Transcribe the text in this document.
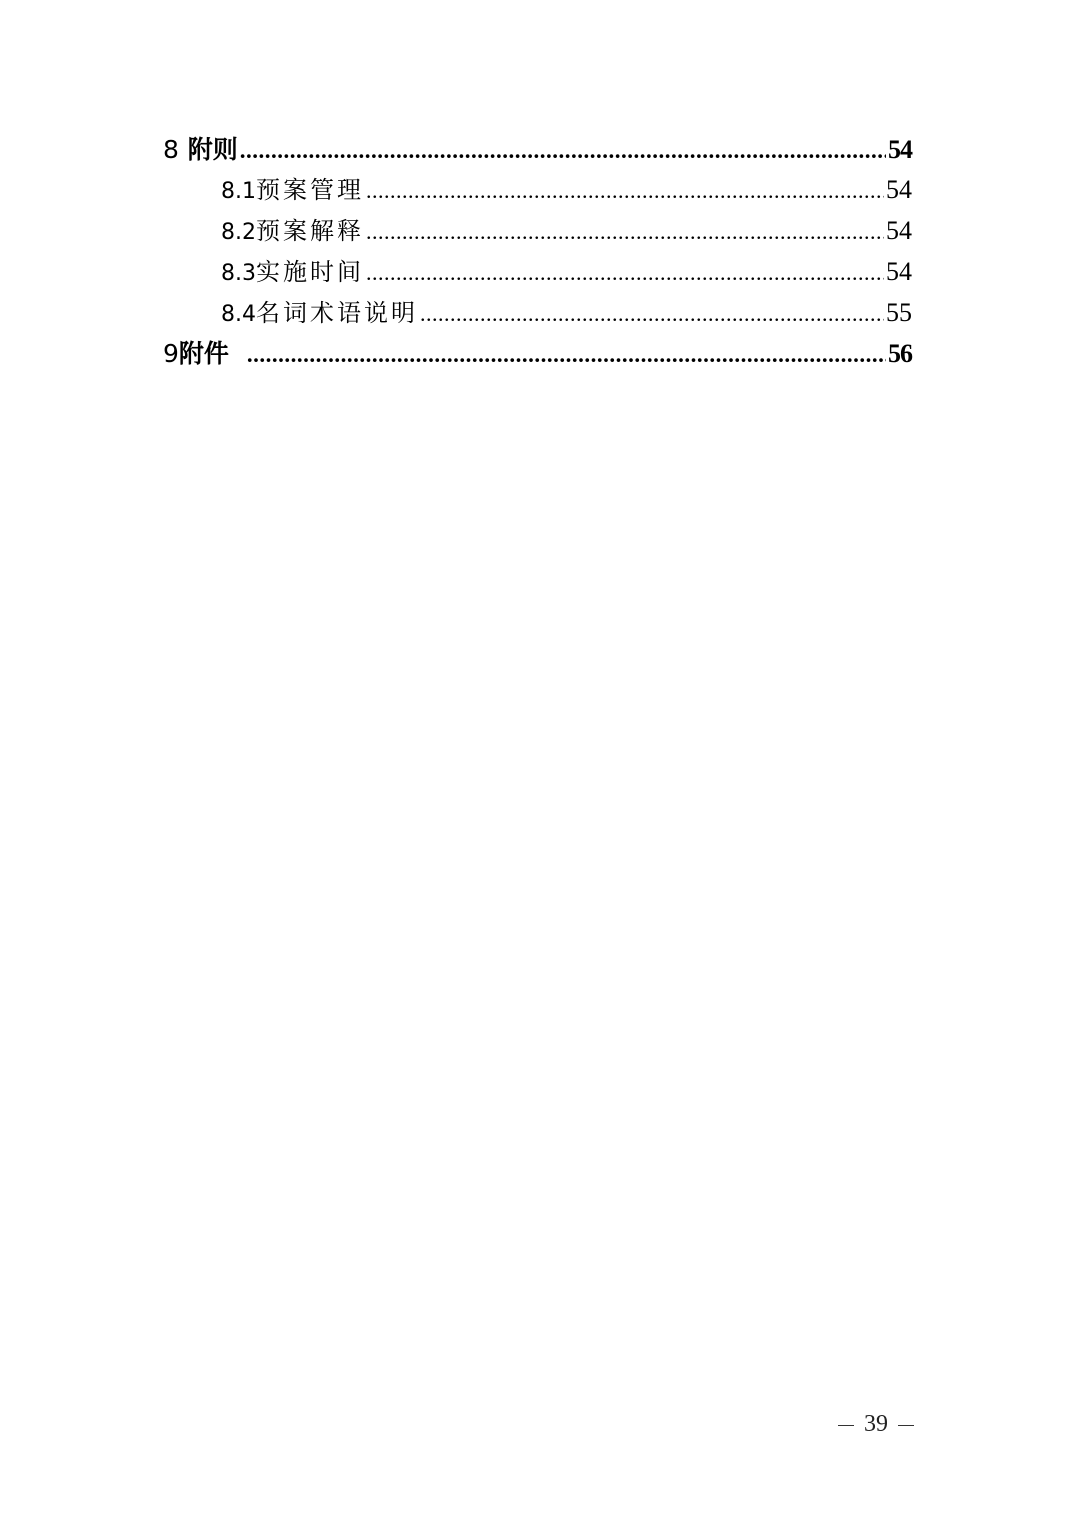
8 附则 .....	54
8.1 预案管理 .....	54
8.2 预案解释 .....	54
8.3 实施时间 .....	54
8.4 名词术语说明 .....	55
9 附件 .....	56
39
